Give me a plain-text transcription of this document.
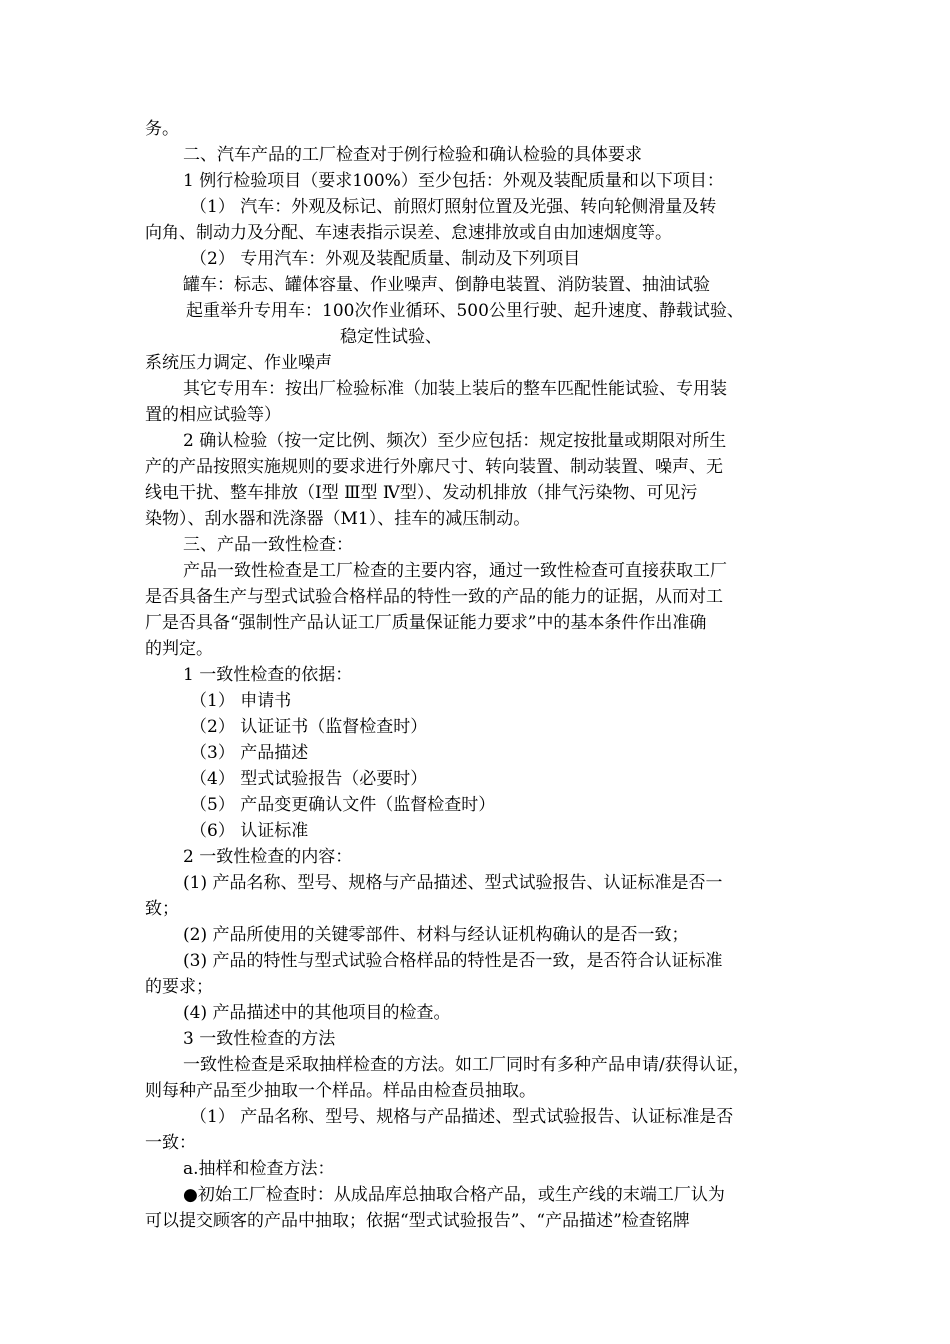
务。
二、汽车产品的工厂检查对于例行检验和确认检验的具体要求
1 例行检验项目（要求100%）至少包括：外观及装配质量和以下项目：
（1） 汽车：外观及标记、前照灯照射位置及光强、转向轮侧滑量及转
向角、制动力及分配、车速表指示误差、怠速排放或自由加速烟度等。
（2） 专用汽车：外观及装配质量、制动及下列项目
罐车：标志、罐体容量、作业噪声、倒静电装置、消防装置、抽油试验
起重举升专用车：100次作业循环、500公里行驶、起升速度、静载试验、
稳定性试验、
系统压力调定、作业噪声
其它专用车：按出厂检验标准（加装上装后的整车匹配性能试验、专用装
置的相应试验等）
2 确认检验（按一定比例、频次）至少应包括：规定按批量或期限对所生
产的产品按照实施规则的要求进行外廓尺寸、转向装置、制动装置、噪声、无
线电干扰、整车排放（Ⅰ型 Ⅲ型 Ⅳ型）、发动机排放（排气污染物、可见污
染物）、刮水器和洗涤器（M1）、挂车的减压制动。
三、产品一致性检查：
产品一致性检查是工厂检查的主要内容，通过一致性检查可直接获取工厂
是否具备生产与型式试验合格样品的特性一致的产品的能力的证据，从而对工
厂是否具备“强制性产品认证工厂质量保证能力要求”中的基本条件作出准确
的判定。
1 一致性检查的依据：
（1） 申请书
（2） 认证证书（监督检查时）
（3） 产品描述
（4） 型式试验报告（必要时）
（5） 产品变更确认文件（监督检查时）
（6） 认证标准
2 一致性检查的内容：
(1) 产品名称、型号、规格与产品描述、型式试验报告、认证标准是否一
致；
(2) 产品所使用的关键零部件、材料与经认证机构确认的是否一致；
(3) 产品的特性与型式试验合格样品的特性是否一致，是否符合认证标准
的要求；
(4) 产品描述中的其他项目的检查。
3 一致性检查的方法
一致性检查是采取抽样检查的方法。如工厂同时有多种产品申请/获得认证，
则每种产品至少抽取一个样品。样品由检查员抽取。
（1） 产品名称、型号、规格与产品描述、型式试验报告、认证标准是否
一致：
a.抽样和检查方法：
●初始工厂检查时：从成品库总抽取合格产品，或生产线的末端工厂认为
可以提交顾客的产品中抽取；依据“型式试验报告”、“产品描述”检查铭牌
